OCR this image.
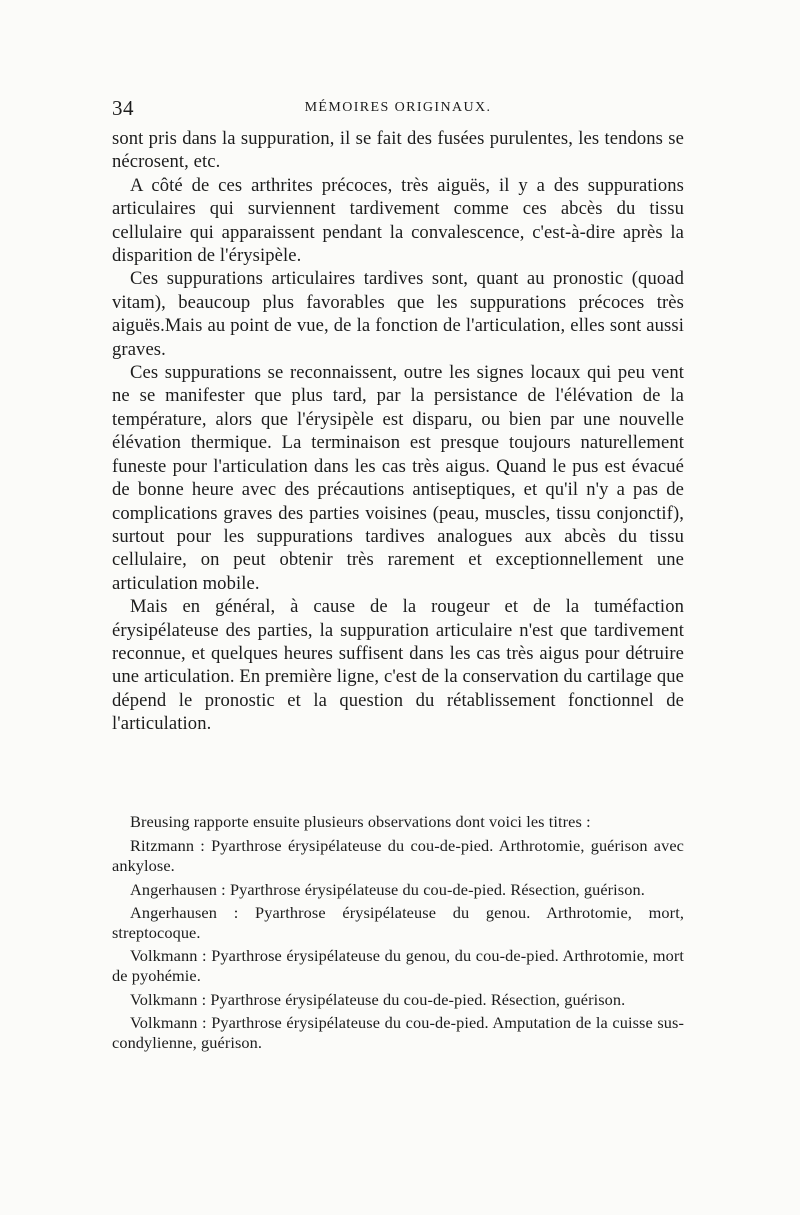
34	MÉMOIRES ORIGINAUX.

sont pris dans la suppuration, il se fait des fusées purulentes, les tendons se nécrosent, etc.

A côté de ces arthrites précoces, très aiguës, il y a des suppurations articulaires qui surviennent tardivement comme ces abcès du tissu cellulaire qui apparaissent pendant la convalescence, c'est-à-dire après la disparition de l'érysipèle.

Ces suppurations articulaires tardives sont, quant au pronostic (quoad vitam), beaucoup plus favorables que les suppurations précoces très aiguës.Mais au point de vue, de la fonction de l'articulation, elles sont aussi graves.

Ces suppurations se reconnaissent, outre les signes locaux qui peu vent ne se manifester que plus tard, par la persistance de l'élévation de la température, alors que l'érysipèle est disparu, ou bien par une nouvelle élévation thermique. La terminaison est presque toujours naturellement funeste pour l'articulation dans les cas très aigus. Quand le pus est évacué de bonne heure avec des précautions antiseptiques, et qu'il n'y a pas de complications graves des parties voisines (peau, muscles, tissu conjonctif), surtout pour les suppurations tardives analogues aux abcès du tissu cellulaire, on peut obtenir très rarement et exceptionnellement une articulation mobile.

Mais en général, à cause de la rougeur et de la tuméfaction érysipélateuse des parties, la suppuration articulaire n'est que tardivement reconnue, et quelques heures suffisent dans les cas très aigus pour détruire une articulation. En première ligne, c'est de la conservation du cartilage que dépend le pronostic et la question du rétablissement fonctionnel de l'articulation.

Breusing rapporte ensuite plusieurs observations dont voici les titres :

Ritzmann : Pyarthrose érysipélateuse du cou-de-pied. Arthrotomie, guérison avec ankylose.

Angerhausen : Pyarthrose érysipélateuse du cou-de-pied. Résection, guérison.

Angerhausen : Pyarthrose érysipélateuse du genou. Arthrotomie, mort, streptocoque.

Volkmann : Pyarthrose érysipélateuse du genou, du cou-de-pied. Arthrotomie, mort de pyohémie.

Volkmann : Pyarthrose érysipélateuse du cou-de-pied. Résection, guérison.

Volkmann : Pyarthrose érysipélateuse du cou-de-pied. Amputation de la cuisse sus-condylienne, guérison.
